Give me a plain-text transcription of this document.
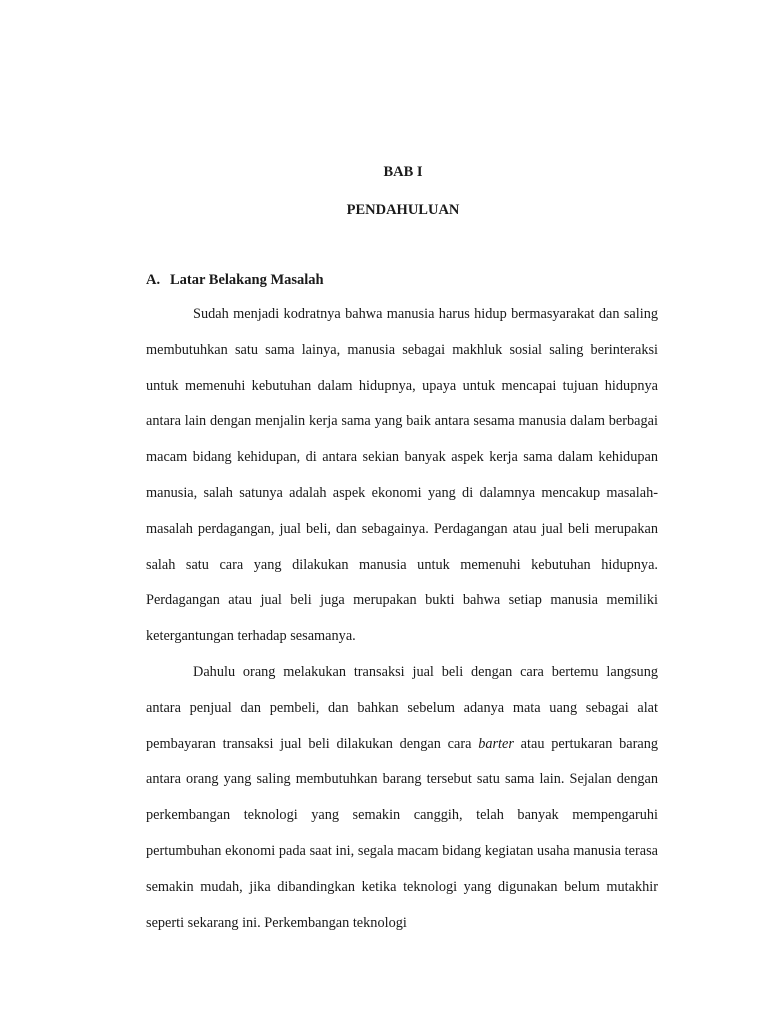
BAB I
PENDAHULUAN
A. Latar Belakang Masalah

Sudah menjadi kodratnya bahwa manusia harus hidup bermasyarakat dan saling membutuhkan satu sama lainya, manusia sebagai makhluk sosial saling berinteraksi untuk memenuhi kebutuhan dalam hidupnya, upaya untuk mencapai tujuan hidupnya antara lain dengan menjalin kerja sama yang baik antara sesama manusia dalam berbagai macam bidang kehidupan, di antara sekian banyak aspek kerja sama dalam kehidupan manusia, salah satunya adalah aspek ekonomi yang di dalamnya mencakup masalah-masalah perdagangan, jual beli, dan sebagainya. Perdagangan atau jual beli merupakan salah satu cara yang dilakukan manusia untuk memenuhi kebutuhan hidupnya. Perdagangan atau jual beli juga merupakan bukti bahwa setiap manusia memiliki ketergantungan terhadap sesamanya.

Dahulu orang melakukan transaksi jual beli dengan cara bertemu langsung antara penjual dan pembeli, dan bahkan sebelum adanya mata uang sebagai alat pembayaran transaksi jual beli dilakukan dengan cara barter atau pertukaran barang antara orang yang saling membutuhkan barang tersebut satu sama lain. Sejalan dengan perkembangan teknologi yang semakin canggih, telah banyak mempengaruhi pertumbuhan ekonomi pada saat ini, segala macam bidang kegiatan usaha manusia terasa semakin mudah, jika dibandingkan ketika teknologi yang digunakan belum mutakhir seperti sekarang ini. Perkembangan teknologi
